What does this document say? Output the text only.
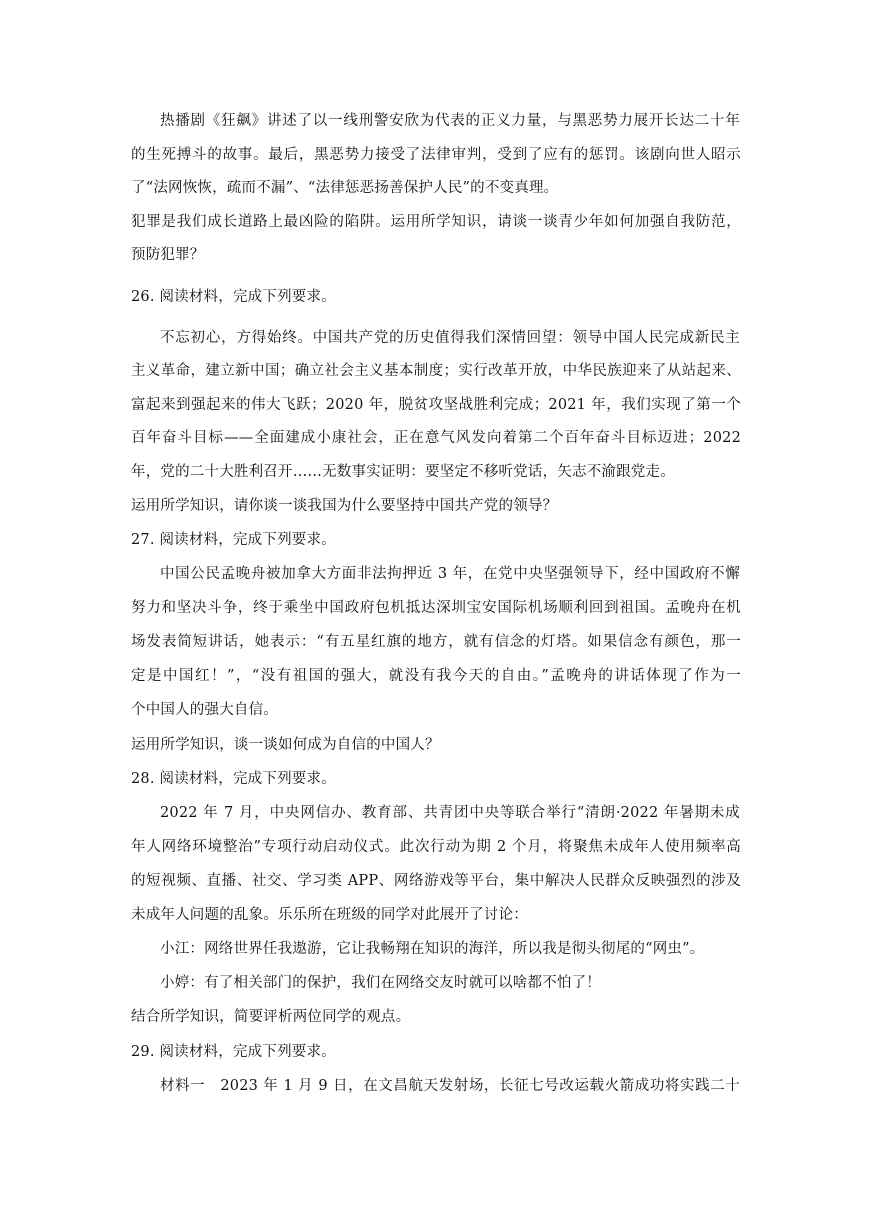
热播剧《狂飙》讲述了以一线刑警安欣为代表的正义力量，与黑恶势力展开长达二十年
的生死搏斗的故事。最后，黑恶势力接受了法律审判，受到了应有的惩罚。该剧向世人昭示
了“法网恢恢，疏而不漏”、“法律惩恶扬善保护人民”的不变真理。
犯罪是我们成长道路上最凶险的陷阱。运用所学知识，请谈一谈青少年如何加强自我防范，
预防犯罪？
26. 阅读材料，完成下列要求。
不忘初心，方得始终。中国共产党的历史值得我们深情回望：领导中国人民完成新民主
主义革命，建立新中国；确立社会主义基本制度；实行改革开放，中华民族迎来了从站起来、
富起来到强起来的伟大飞跃；2020 年，脱贫攻坚战胜利完成；2021 年，我们实现了第一个
百年奋斗目标——全面建成小康社会，正在意气风发向着第二个百年奋斗目标迈进；2022
年，党的二十大胜利召开……无数事实证明：要坚定不移听党话，矢志不渝跟党走。
运用所学知识，请你谈一谈我国为什么要坚持中国共产党的领导？
27. 阅读材料，完成下列要求。
中国公民孟晚舟被加拿大方面非法拘押近 3 年，在党中央坚强领导下，经中国政府不懈
努力和坚决斗争，终于乘坐中国政府包机抵达深圳宝安国际机场顺利回到祖国。孟晚舟在机
场发表简短讲话，她表示：“有五星红旗的地方，就有信念的灯塔。如果信念有颜色，那一
定是中国红！”，“没有祖国的强大，就没有我今天的自由。”孟晚舟的讲话体现了作为一
个中国人的强大自信。
运用所学知识，谈一谈如何成为自信的中国人？
28. 阅读材料，完成下列要求。
2022 年 7 月，中央网信办、教育部、共青团中央等联合举行“清朗·2022 年暑期未成
年人网络环境整治”专项行动启动仪式。此次行动为期 2 个月，将聚焦未成年人使用频率高
的短视频、直播、社交、学习类 APP、网络游戏等平台，集中解决人民群众反映强烈的涉及
未成年人问题的乱象。乐乐所在班级的同学对此展开了讨论：
小江：网络世界任我遨游，它让我畅翔在知识的海洋，所以我是彻头彻尾的“网虫”。
小婷：有了相关部门的保护，我们在网络交友时就可以啥都不怕了！
结合所学知识，简要评析两位同学的观点。
29. 阅读材料，完成下列要求。
材料一　2023 年 1 月 9 日，在文昌航天发射场，长征七号改运载火箭成功将实践二十
